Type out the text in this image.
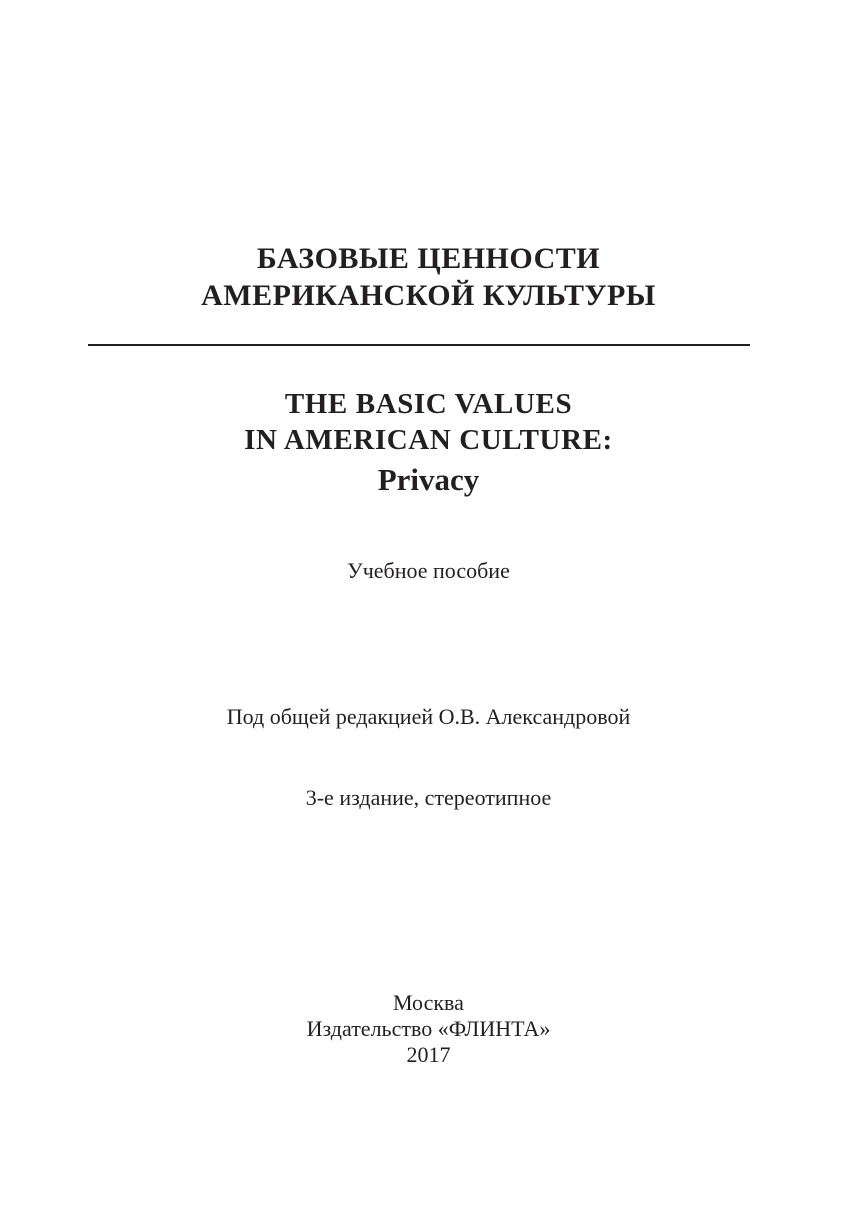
БАЗОВЫЕ ЦЕННОСТИ
АМЕРИКАНСКОЙ КУЛЬТУРЫ
THE BASIC VALUES
IN AMERICAN CULTURE:
Privacy
Учебное пособие
Под общей редакцией О.В. Александровой
3-е издание, стереотипное
Москва
Издательство «ФЛИНТА»
2017
